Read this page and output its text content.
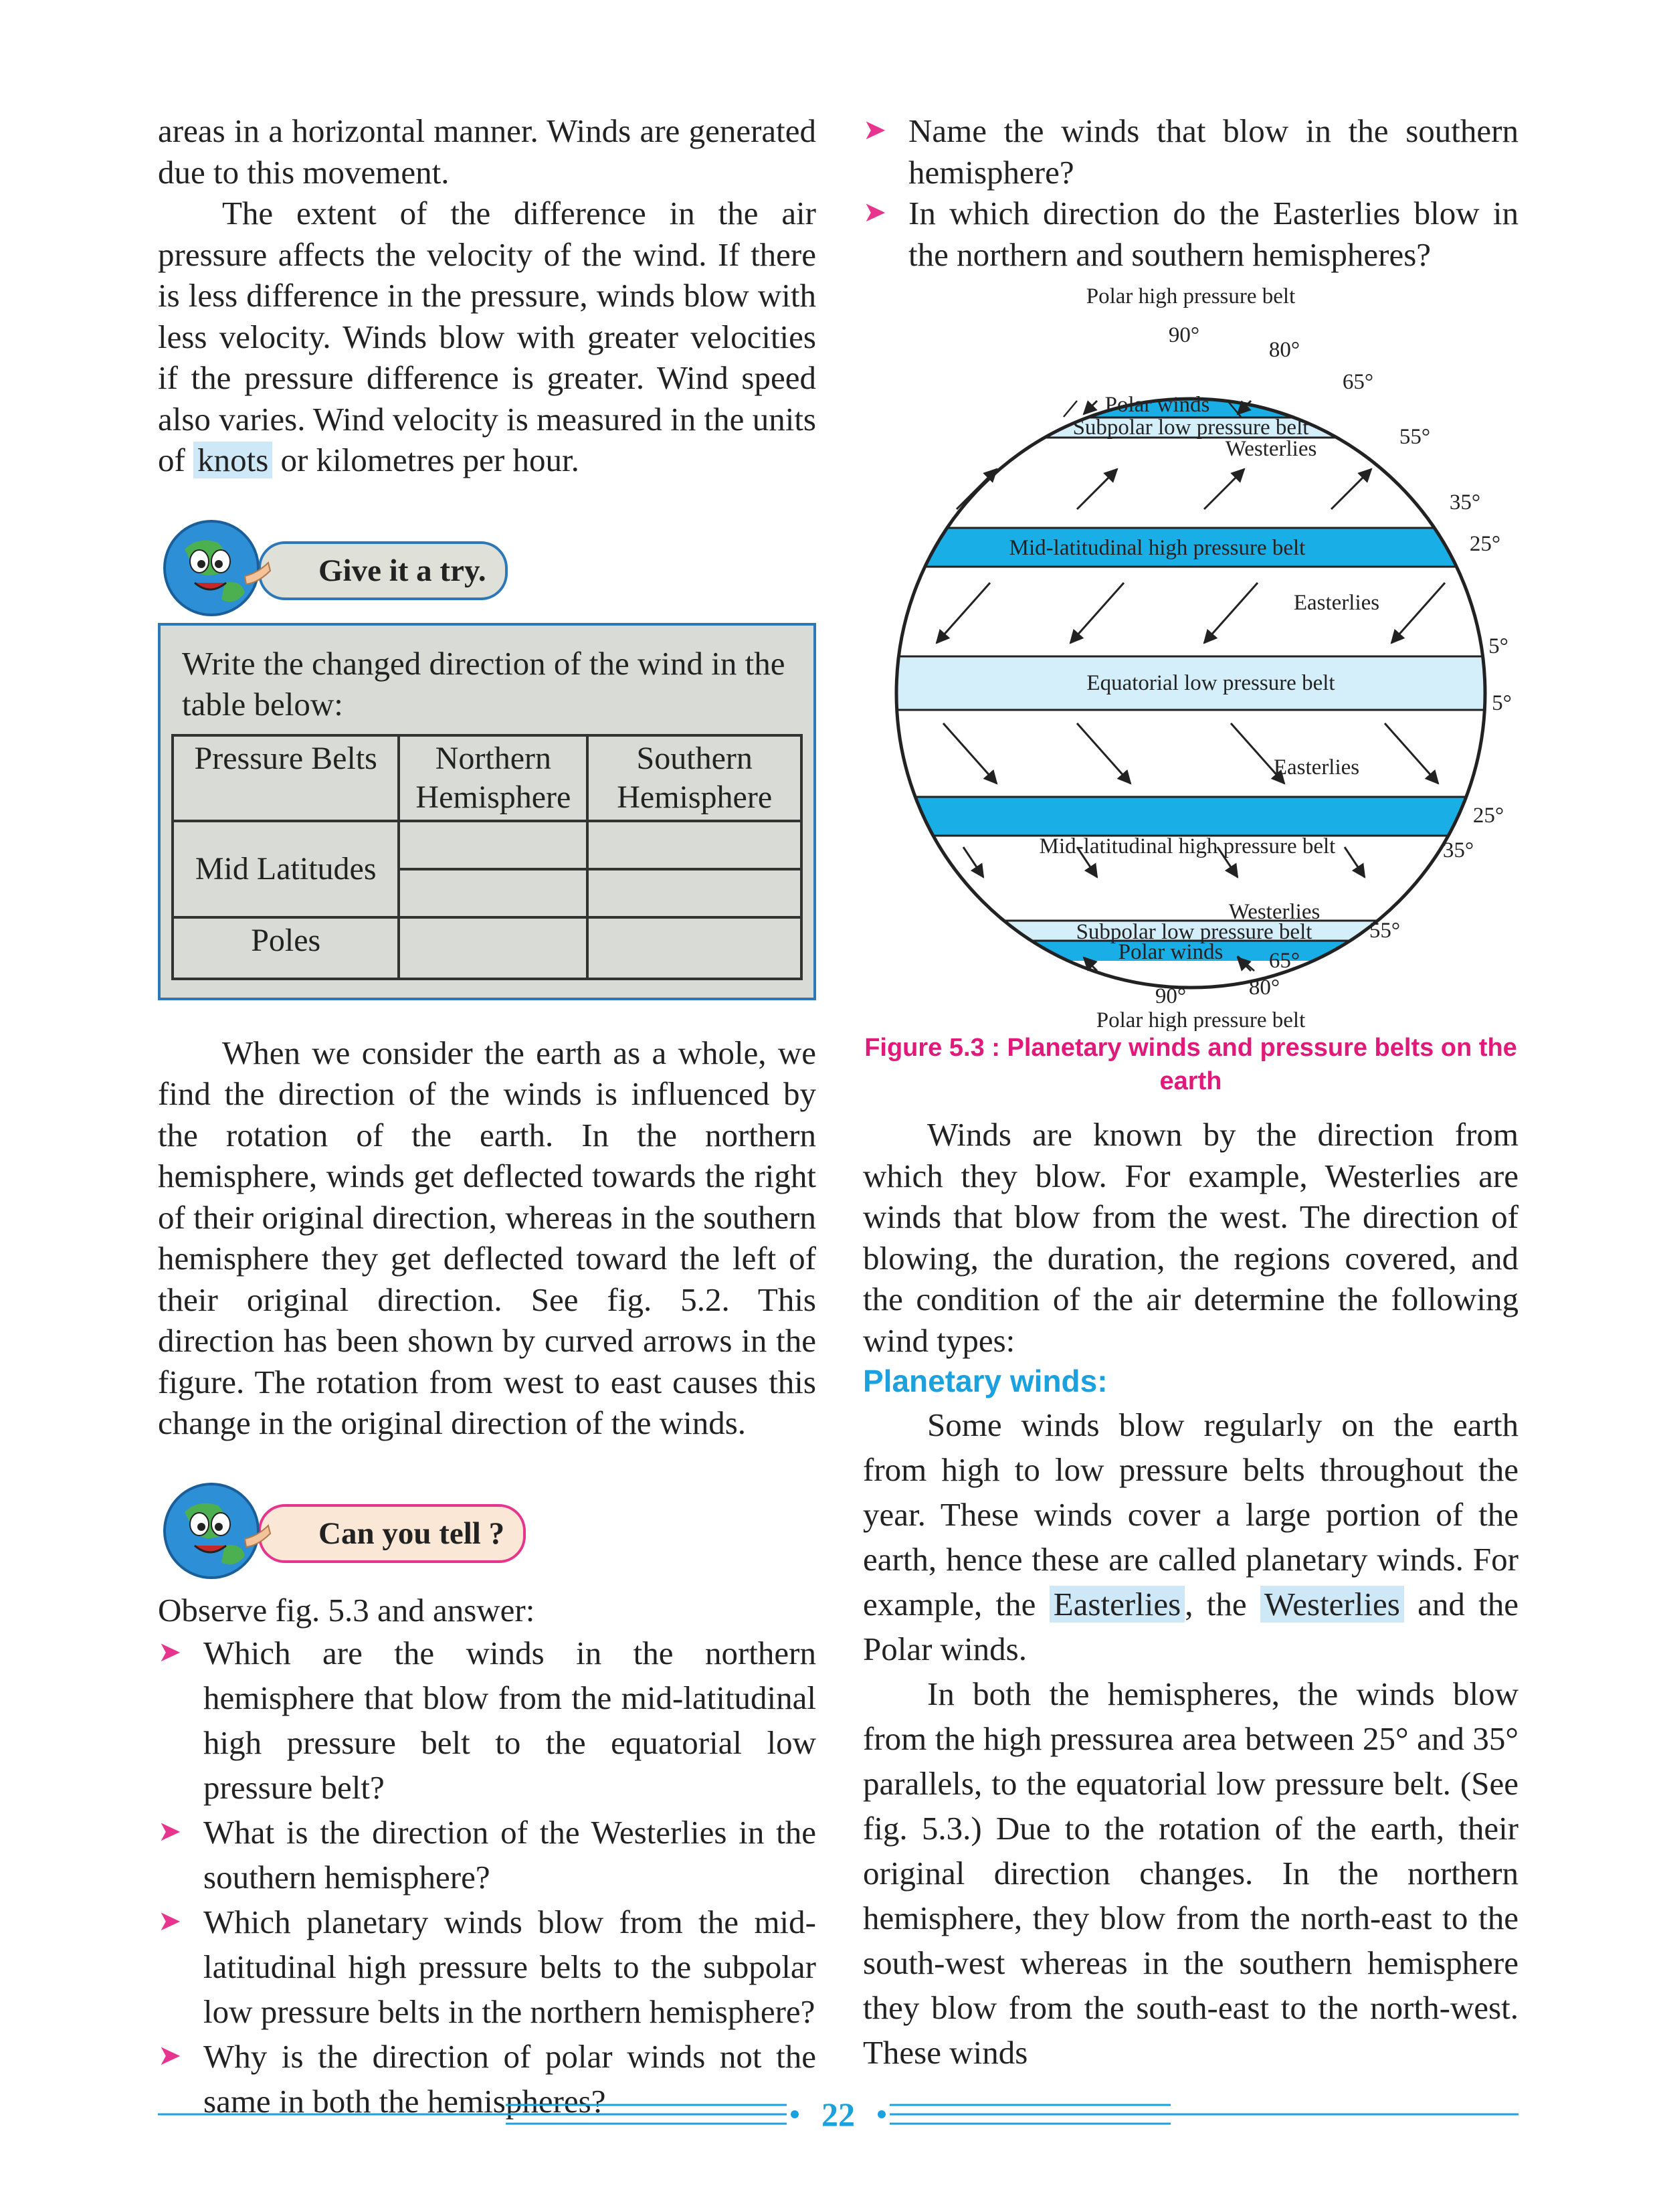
areas in a horizontal manner. Winds are generated due to this movement.

The extent of the difference in the air pressure affects the velocity of the wind. If there is less difference in the pressure, winds blow with less velocity. Winds blow with greater velocities if the pressure difference is greater. Wind speed also varies. Wind velocity is measured in the units of knots or kilometres per hour.

Give it a try.

Write the changed direction of the wind in the table below:

Pressure Belts	Northern Hemisphere	Southern Hemisphere
Mid Latitudes		

Poles		

When we consider the earth as a whole, we find the direction of the winds is influenced by the rotation of the earth. In the northern hemisphere, winds get deflected towards the right of their original direction, whereas in the southern hemisphere they get deflected toward the left of their original direction. See fig. 5.2. This direction has been shown by curved arrows in the figure. The rotation from west to east causes this change in the original direction of the winds.

Can you tell ?

Observe fig. 5.3 and answer:

➤ Which are the winds in the northern hemisphere that blow from the mid-latitudinal high pressure belt to the equatorial low pressure belt?

➤ What is the direction of the Westerlies in the southern hemisphere?

➤ Which planetary winds blow from the mid-latitudinal high pressure belts to the subpolar low pressure belts in the northern hemisphere?

➤ Why is the direction of polar winds not the same in both the hemispheres?

➤ Name the winds that blow in the southern hemisphere?

➤ In which direction do the Easterlies blow in the northern and southern hemispheres?

Polar high pressure belt
90°
80°
65°
Polar winds
Subpolar low pressure belt
Westerlies	55°
35°
25°
Mid-latitudinal high pressure belt
Easterlies
5°
Equatorial low pressure belt
5°
Easterlies
25°
Mid-latitudinal high pressure belt	35°
Westerlies
Subpolar low pressure belt	55°
Polar winds 65°
80°
90°
Polar high pressure belt

Figure 5.3 : Planetary winds and pressure belts on the earth

Winds are known by the direction from which they blow. For example, Westerlies are winds that blow from the west. The direction of blowing, the duration, the regions covered, and the condition of the air determine the following wind types:

Planetary winds:

Some winds blow regularly on the earth from high to low pressure belts throughout the year. These winds cover a large portion of the earth, hence these are called planetary winds. For example, the Easterlies , the Westerlies and the Polar winds.

In both the hemispheres, the winds blow from the high pressurea area between 25° and 35° parallels, to the equatorial low pressure belt. (See fig. 5.3.) Due to the rotation of the earth, their original direction changes. In the northern hemisphere, they blow from the north-east to the south-west whereas in the southern hemisphere they blow from the south-east to the north-west. These winds

22
